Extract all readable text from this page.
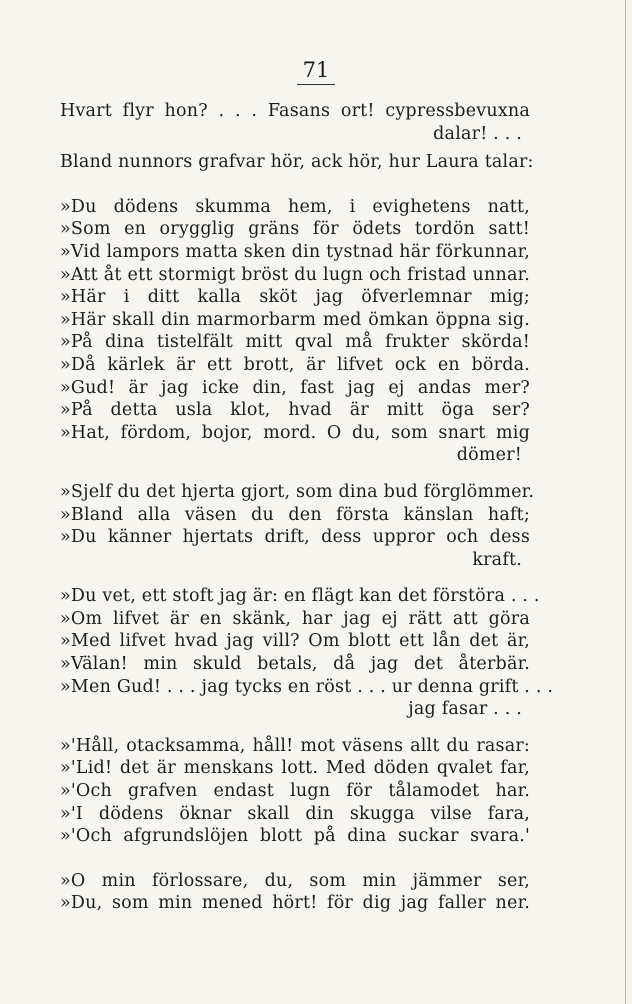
71
Hvart flyr hon? . . . Fasans ort! cypressbevuxna
dalar! . . .
Bland nunnors grafvar hör, ack hör, hur Laura talar:
»Du dödens skumma hem, i evighetens natt,
»Som en orygglig gräns för ödets tordön satt!
»Vid lampors matta sken din tystnad här förkunnar,
»Att åt ett stormigt bröst du lugn och fristad unnar.
»Här i ditt kalla sköt jag öfverlemnar mig;
»Här skall din marmorbarm med ömkan öppna sig.
»På dina tistelfält mitt qval må frukter skörda!
»Då kärlek är ett brott, är lifvet ock en börda.
»Gud! är jag icke din, fast jag ej andas mer?
»På detta usla klot, hvad är mitt öga ser?
»Hat, fördom, bojor, mord. O du, som snart mig
dömer!
»Sjelf du det hjerta gjort, som dina bud förglömmer.
»Bland alla väsen du den första känslan haft;
»Du känner hjertats drift, dess uppror och dess
kraft.
»Du vet, ett stoft jag är: en flägt kan det förstöra . . .
»Om lifvet är en skänk, har jag ej rätt att göra
»Med lifvet hvad jag vill? Om blott ett lån det är,
»Välan! min skuld betals, då jag det återbär.
»Men Gud! . . . jag tycks en röst . . . ur denna grift . . .
jag fasar . . .
»'Håll, otacksamma, håll! mot väsens allt du rasar:
»'Lid! det är menskans lott. Med döden qvalet far,
»'Och grafven endast lugn för tålamodet har.
»'I dödens öknar skall din skugga vilse fara,
»'Och afgrundslöjen blott på dina suckar svara.'
»O min förlossare, du, som min jämmer ser,
»Du, som min mened hört! för dig jag faller ner.
